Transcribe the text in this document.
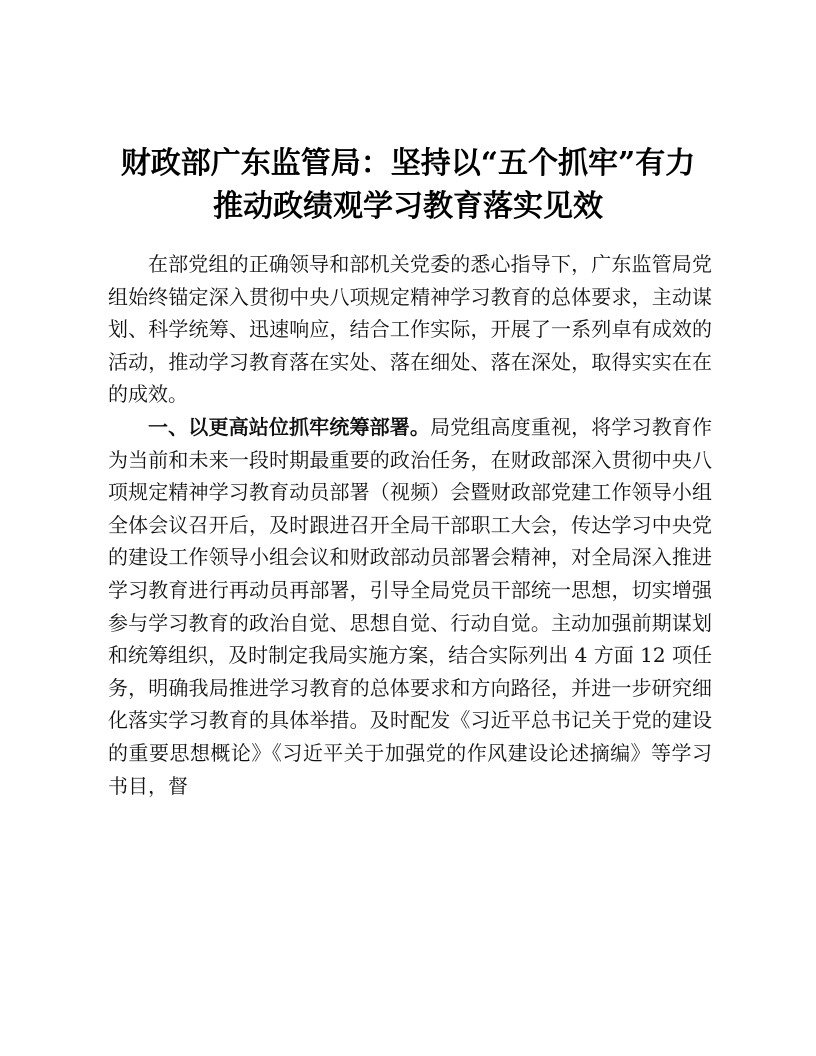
财政部广东监管局：坚持以“五个抓牢”有力
推动政绩观学习教育落实见效

在部党组的正确领导和部机关党委的悉心指导下，广东监管局党组始终锚定深入贯彻中央八项规定精神学习教育的总体要求，主动谋划、科学统筹、迅速响应，结合工作实际，开展了一系列卓有成效的活动，推动学习教育落在实处、落在细处、落在深处，取得实实在在的成效。

一、以更高站位抓牢统筹部署。局党组高度重视，将学习教育作为当前和未来一段时期最重要的政治任务，在财政部深入贯彻中央八项规定精神学习教育动员部署（视频）会暨财政部党建工作领导小组全体会议召开后，及时跟进召开全局干部职工大会，传达学习中央党的建设工作领导小组会议和财政部动员部署会精神，对全局深入推进学习教育进行再动员再部署，引导全局党员干部统一思想，切实增强参与学习教育的政治自觉、思想自觉、行动自觉。主动加强前期谋划和统筹组织，及时制定我局实施方案，结合实际列出 4 方面 12 项任务，明确我局推进学习教育的总体要求和方向路径，并进一步研究细化落实学习教育的具体举措。及时配发《习近平总书记关于党的建设的重要思想概论》《习近平关于加强党的作风建设论述摘编》等学习书目，督
